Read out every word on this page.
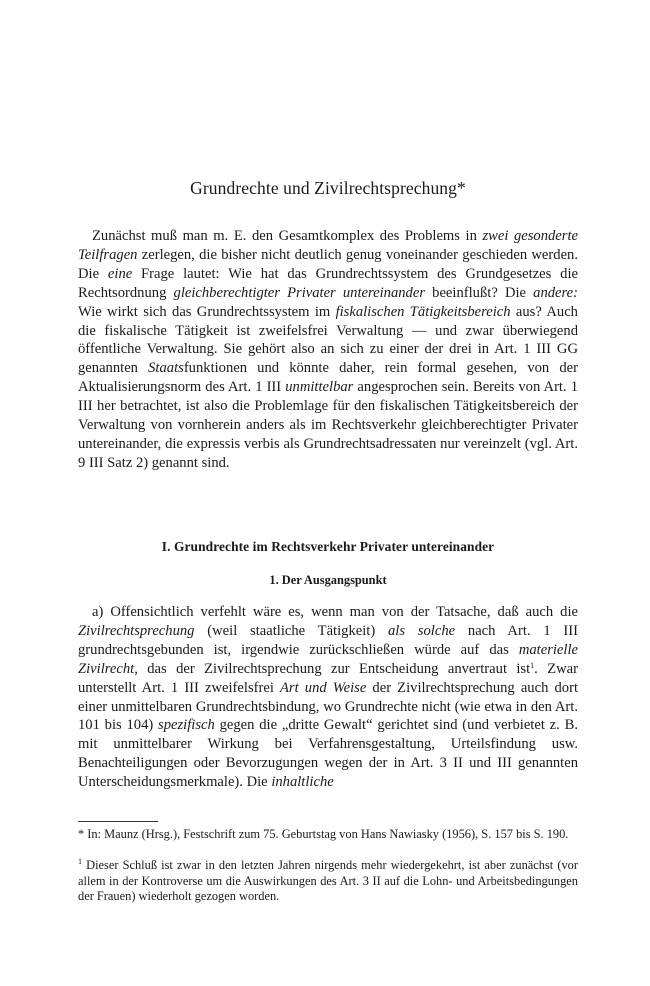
Grundrechte und Zivilrechtsprechung*

Zunächst muß man m. E. den Gesamtkomplex des Problems in zwei gesonderte Teilfragen zerlegen, die bisher nicht deutlich genug voneinander geschieden werden. Die eine Frage lautet: Wie hat das Grundrechtssystem des Grundgesetzes die Rechtsordnung gleichberechtigter Privater untereinander beeinflußt? Die andere: Wie wirkt sich das Grundrechtssystem im fiskalischen Tätigkeitsbereich aus? Auch die fiskalische Tätigkeit ist zweifelsfrei Verwaltung — und zwar überwiegend öffentliche Verwaltung. Sie gehört also an sich zu einer der drei in Art. 1 III GG genannten Staatsfunktionen und könnte daher, rein formal gesehen, von der Aktualisierungsnorm des Art. 1 III unmittelbar angesprochen sein. Bereits von Art. 1 III her betrachtet, ist also die Problemlage für den fiskalischen Tätigkeitsbereich der Verwaltung von vornherein anders als im Rechtsverkehr gleichberechtigter Privater untereinander, die expressis verbis als Grundrechtsadressaten nur vereinzelt (vgl. Art. 9 III Satz 2) genannt sind.

I. Grundrechte im Rechtsverkehr Privater untereinander
1. Der Ausgangspunkt

a) Offensichtlich verfehlt wäre es, wenn man von der Tatsache, daß auch die Zivilrechtsprechung (weil staatliche Tätigkeit) als solche nach Art. 1 III grundrechtsgebunden ist, irgendwie zurückschließen würde auf das materielle Zivilrecht, das der Zivilrechtsprechung zur Entscheidung anvertraut ist$^1$. Zwar unterstellt Art. 1 III zweifelsfrei Art und Weise der Zivilrechtsprechung auch dort einer unmittelbaren Grundrechtsbindung, wo Grundrechte nicht (wie etwa in den Art. 101 bis 104) spezifisch gegen die „dritte Gewalt“ gerichtet sind (und verbietet z. B. mit unmittelbarer Wirkung bei Verfahrensgestaltung, Urteilsfindung usw. Benachteiligungen oder Bevorzugungen wegen der in Art. 3 II und III genannten Unterscheidungsmerkmale). Die inhaltliche

* In: Maunz (Hrsg.), Festschrift zum 75. Geburtstag von Hans Nawiasky (1956), S. 157 bis S. 190.

$^1$ Dieser Schluß ist zwar in den letzten Jahren nirgends mehr wiedergekehrt, ist aber zunächst (vor allem in der Kontroverse um die Auswirkungen des Art. 3 II auf die Lohn- und Arbeitsbedingungen der Frauen) wiederholt gezogen worden.
